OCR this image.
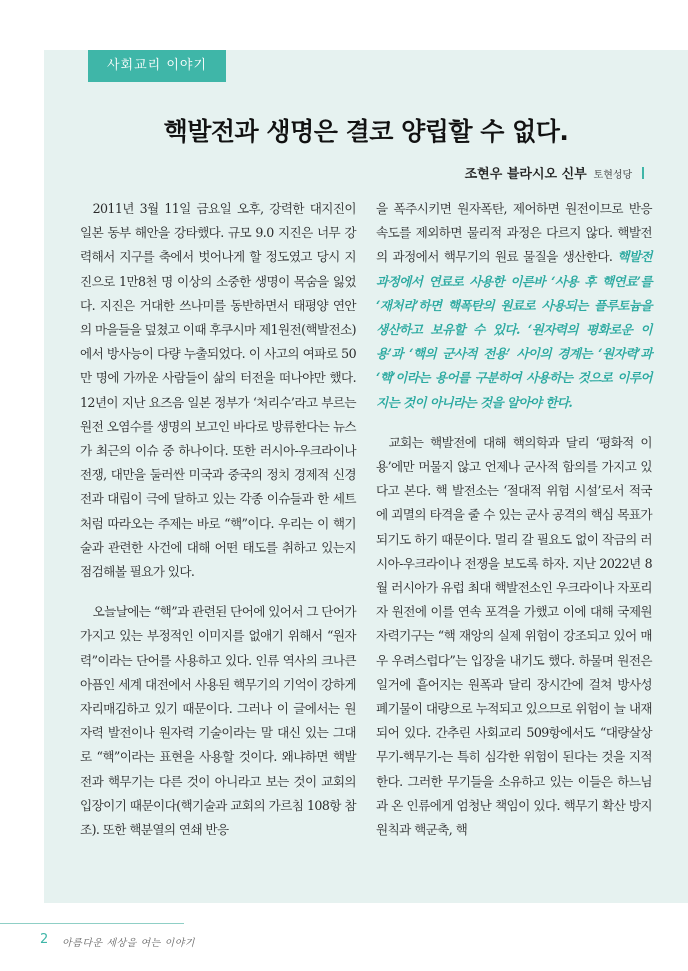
사회교리 이야기
핵발전과 생명은 결코 양립할 수 없다.
조현우 블라시오 신부 토현성당

2011년 3월 11일 금요일 오후, 강력한 대지진이 일본 동부 해안을 강타했다. 규모 9.0 지진은 너무 강력해서 지구를 축에서 벗어나게 할 정도였고 당시 지진으로 1만8천 명 이상의 소중한 생명이 목숨을 잃었다. 지진은 거대한 쓰나미를 동반하면서 태평양 연안의 마을들을 덮쳤고 이때 후쿠시마 제1원전(핵발전소)에서 방사능이 다량 누출되었다. 이 사고의 여파로 50만 명에 가까운 사람들이 삶의 터전을 떠나야만 했다. 12년이 지난 요즈음 일본 정부가 ‘처리수’라고 부르는 원전 오염수를 생명의 보고인 바다로 방류한다는 뉴스가 최근의 이슈 중 하나이다. 또한 러시아-우크라이나 전쟁, 대만을 둘러싼 미국과 중국의 정치 경제적 신경전과 대립이 극에 달하고 있는 각종 이슈들과 한 세트처럼 따라오는 주제는 바로 “핵”이다. 우리는 이 핵기술과 관련한 사건에 대해 어떤 태도를 취하고 있는지 점검해볼 필요가 있다.

오늘날에는 “핵”과 관련된 단어에 있어서 그 단어가 가지고 있는 부정적인 이미지를 없애기 위해서 “원자력”이라는 단어를 사용하고 있다. 인류 역사의 크나큰 아픔인 세계 대전에서 사용된 핵무기의 기억이 강하게 자리매김하고 있기 때문이다. 그러나 이 글에서는 원자력 발전이나 원자력 기술이라는 말 대신 있는 그대로 “핵”이라는 표현을 사용할 것이다. 왜냐하면 핵발전과 핵무기는 다른 것이 아니라고 보는 것이 교회의 입장이기 때문이다(핵기술과 교회의 가르침 108항 참조). 또한 핵분열의 연쇄 반응

을 폭주시키면 원자폭탄, 제어하면 원전이므로 반응 속도를 제외하면 물리적 과정은 다르지 않다. 핵발전의 과정에서 핵무기의 원료 물질을 생산한다. 핵발전 과정에서 연료로 사용한 이른바 ‘사용 후 핵연료’를 ‘재처리’하면 핵폭탄의 원료로 사용되는 플루토늄을 생산하고 보유할 수 있다. ‘원자력의 평화로운 이용’과 ‘핵의 군사적 전용’ 사이의 경계는 ‘원자력’과 ‘핵’이라는 용어를 구분하여 사용하는 것으로 이루어지는 것이 아니라는 것을 알아야 한다.

교회는 핵발전에 대해 핵의학과 달리 ‘평화적 이용’에만 머물지 않고 언제나 군사적 함의를 가지고 있다고 본다. 핵 발전소는 ‘절대적 위험 시설’로서 적국에 괴멸의 타격을 줄 수 있는 군사 공격의 핵심 목표가 되기도 하기 때문이다. 멀리 갈 필요도 없이 작금의 러시아-우크라이나 전쟁을 보도록 하자. 지난 2022년 8월 러시아가 유럽 최대 핵발전소인 우크라이나 자포리자 원전에 이를 연속 포격을 가했고 이에 대해 국제원자력기구는 “핵 재앙의 실제 위험이 강조되고 있어 매우 우려스럽다”는 입장을 내기도 했다. 하물며 원전은 일거에 흩어지는 원폭과 달리 장시간에 걸쳐 방사성 폐기물이 대량으로 누적되고 있으므로 위험이 늘 내재되어 있다. 간추린 사회교리 509항에서도 “대량살상무기-핵무기-는 특히 심각한 위험이 된다는 것을 지적한다. 그러한 무기들을 소유하고 있는 이들은 하느님과 온 인류에게 엄청난 책임이 있다. 핵무기 확산 방지 원칙과 핵군축, 핵

2 아름다운 세상을 여는 이야기
